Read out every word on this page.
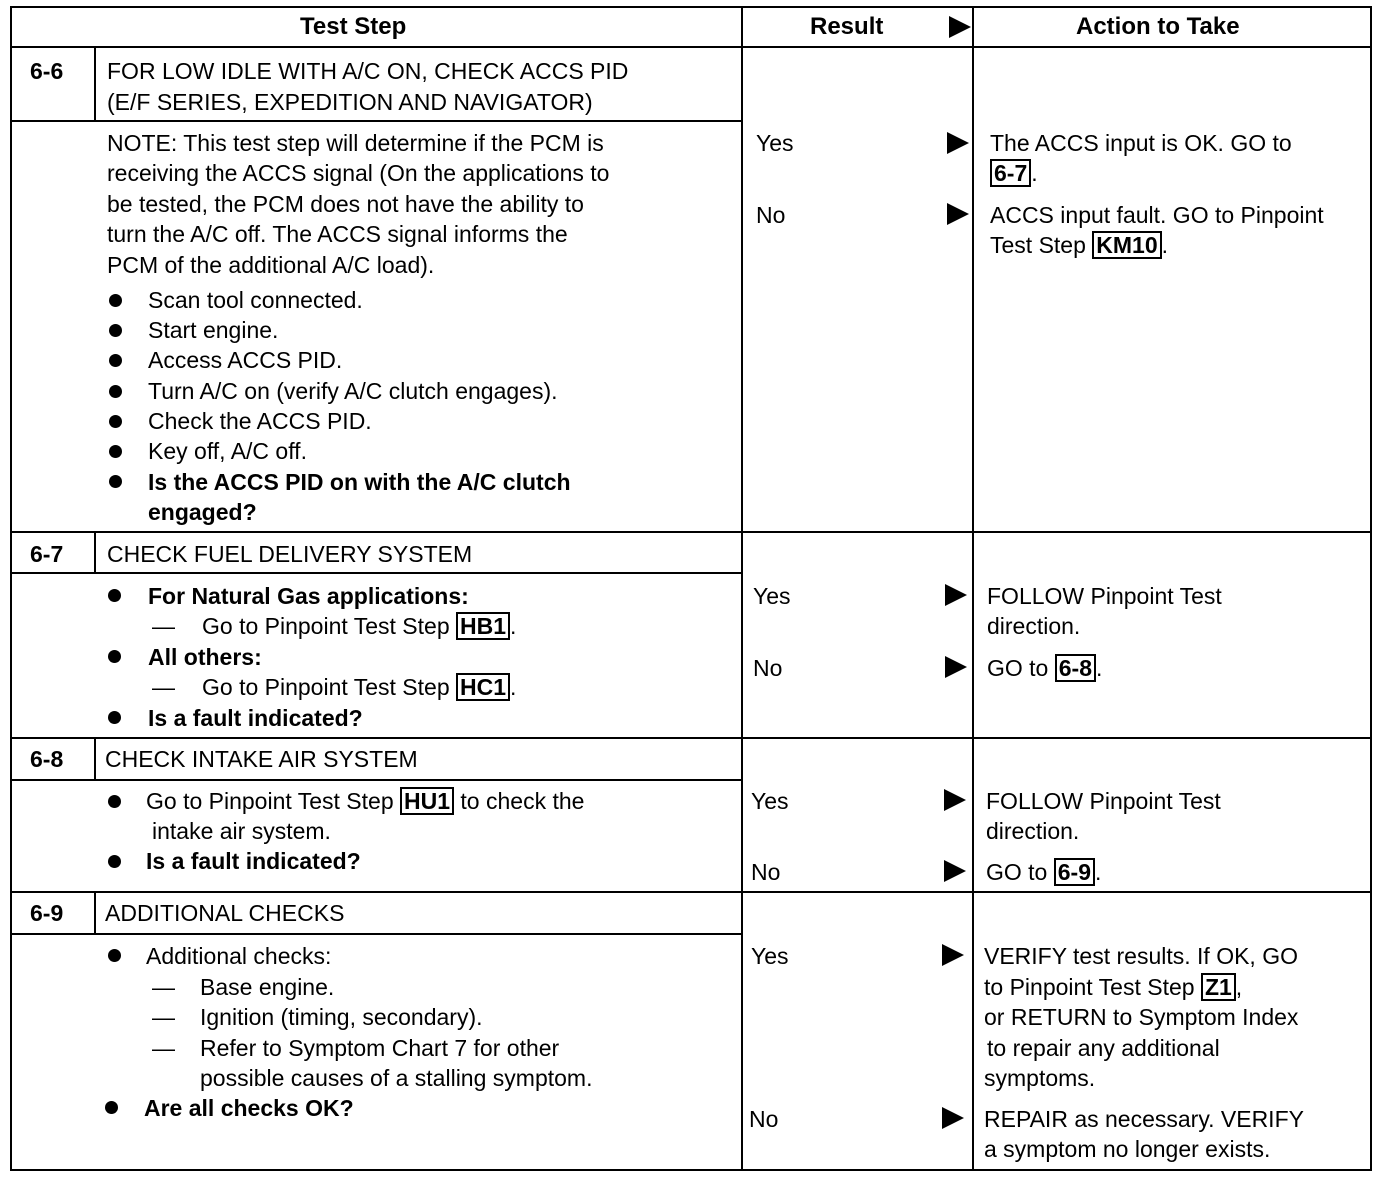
Test Step	Result	Action to Take
6-6 FOR LOW IDLE WITH A/C ON, CHECK ACCS PID
(E/F SERIES, EXPEDITION AND NAVIGATOR)
NOTE: This test step will determine if the PCM is
receiving the ACCS signal (On the applications to
be tested, the PCM does not have the ability to
turn the A/C off. The ACCS signal informs the
PCM of the additional A/C load).
Scan tool connected.
Start engine.
Access ACCS PID.
Turn A/C on (verify A/C clutch engages).
Check the ACCS PID.
Key off, A/C off.
Is the ACCS PID on with the A/C clutch
engaged?
Yes
No
The ACCS input is OK. GO to
6-7 .
ACCS input fault. GO to Pinpoint
Test Step KM10 .
6-7 CHECK FUEL DELIVERY SYSTEM
For Natural Gas applications:
— Go to Pinpoint Test Step HB1 .
All others:
— Go to Pinpoint Test Step HC1 .
Is a fault indicated?
Yes
No
FOLLOW Pinpoint Test
direction.
GO to 6-8 .
6-8 CHECK INTAKE AIR SYSTEM
Go to Pinpoint Test Step HU1 to check the
intake air system.
Is a fault indicated?
Yes
No
FOLLOW Pinpoint Test
direction.
GO to 6-9 .
6-9 ADDITIONAL CHECKS
Additional checks:
— Base engine.
— Ignition (timing, secondary).
— Refer to Symptom Chart 7 for other
possible causes of a stalling symptom.
Are all checks OK?
Yes
No
VERIFY test results. If OK, GO
to Pinpoint Test Step Z1 ,
or RETURN to Symptom Index
to repair any additional
symptoms.
REPAIR as necessary. VERIFY
a symptom no longer exists.
